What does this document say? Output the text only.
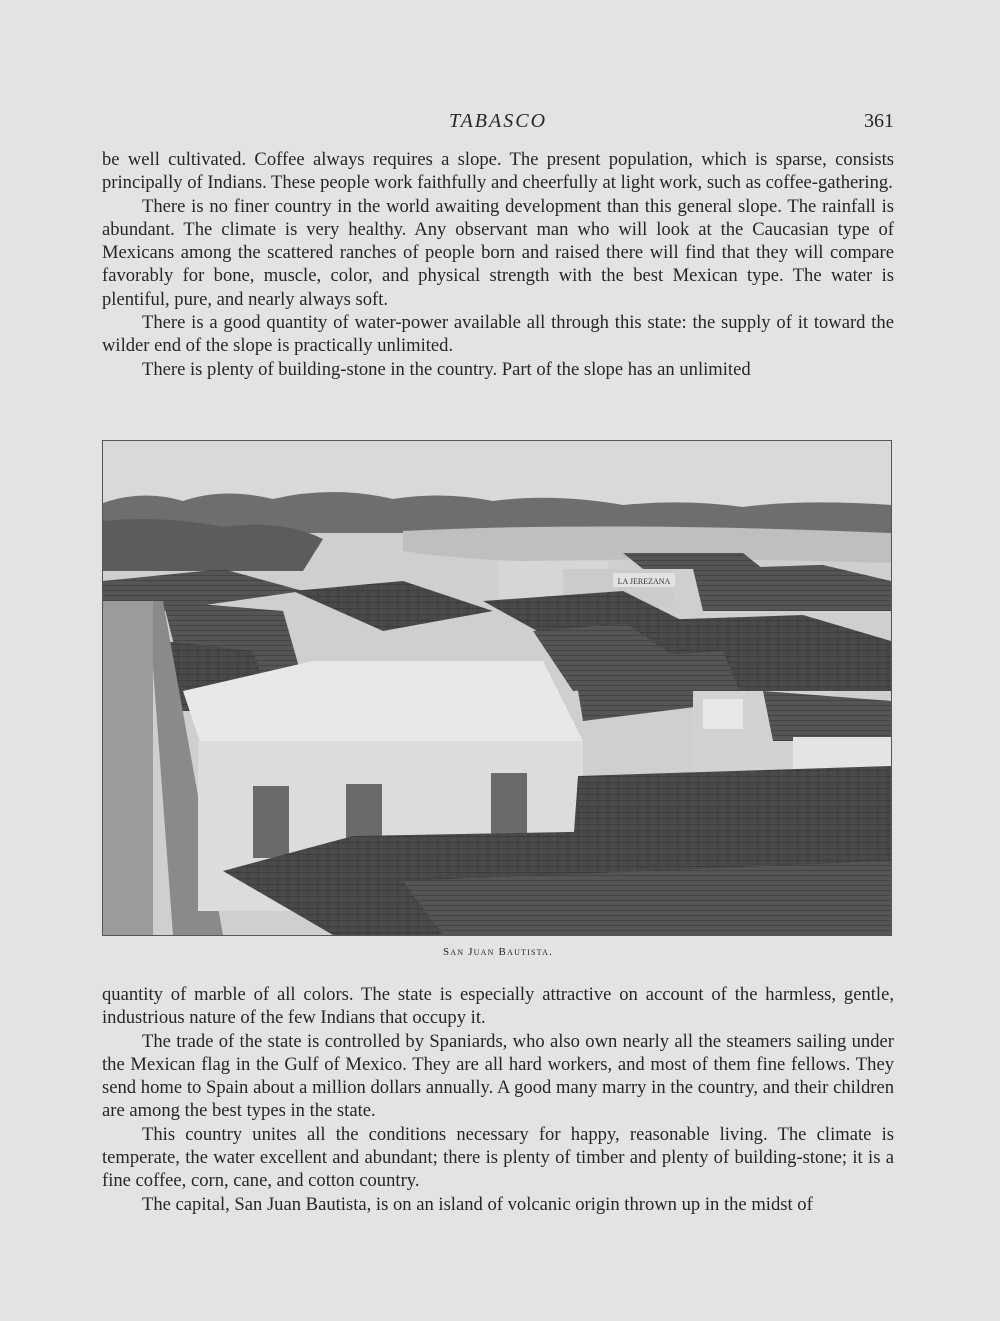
TABASCO	361

be well cultivated. Coffee always requires a slope. The present population, which is sparse, consists principally of Indians. These people work faithfully and cheerfully at light work, such as coffee-gathering.

There is no finer country in the world awaiting development than this general slope. The rainfall is abundant. The climate is very healthy. Any observant man who will look at the Caucasian type of Mexicans among the scattered ranches of people born and raised there will find that they will compare favorably for bone, muscle, color, and physical strength with the best Mexican type. The water is plentiful, pure, and nearly always soft.

There is a good quantity of water-power available all through this state: the supply of it toward the wilder end of the slope is practically unlimited.

There is plenty of building-stone in the country. Part of the slope has an unlimited

LA JEREZANA
San Juan Bautista.

quantity of marble of all colors. The state is especially attractive on account of the harmless, gentle, industrious nature of the few Indians that occupy it.

The trade of the state is controlled by Spaniards, who also own nearly all the steamers sailing under the Mexican flag in the Gulf of Mexico. They are all hard workers, and most of them fine fellows. They send home to Spain about a million dollars annually. A good many marry in the country, and their children are among the best types in the state.

This country unites all the conditions necessary for happy, reasonable living. The climate is temperate, the water excellent and abundant; there is plenty of timber and plenty of building-stone; it is a fine coffee, corn, cane, and cotton country.

The capital, San Juan Bautista, is on an island of volcanic origin thrown up in the midst of
